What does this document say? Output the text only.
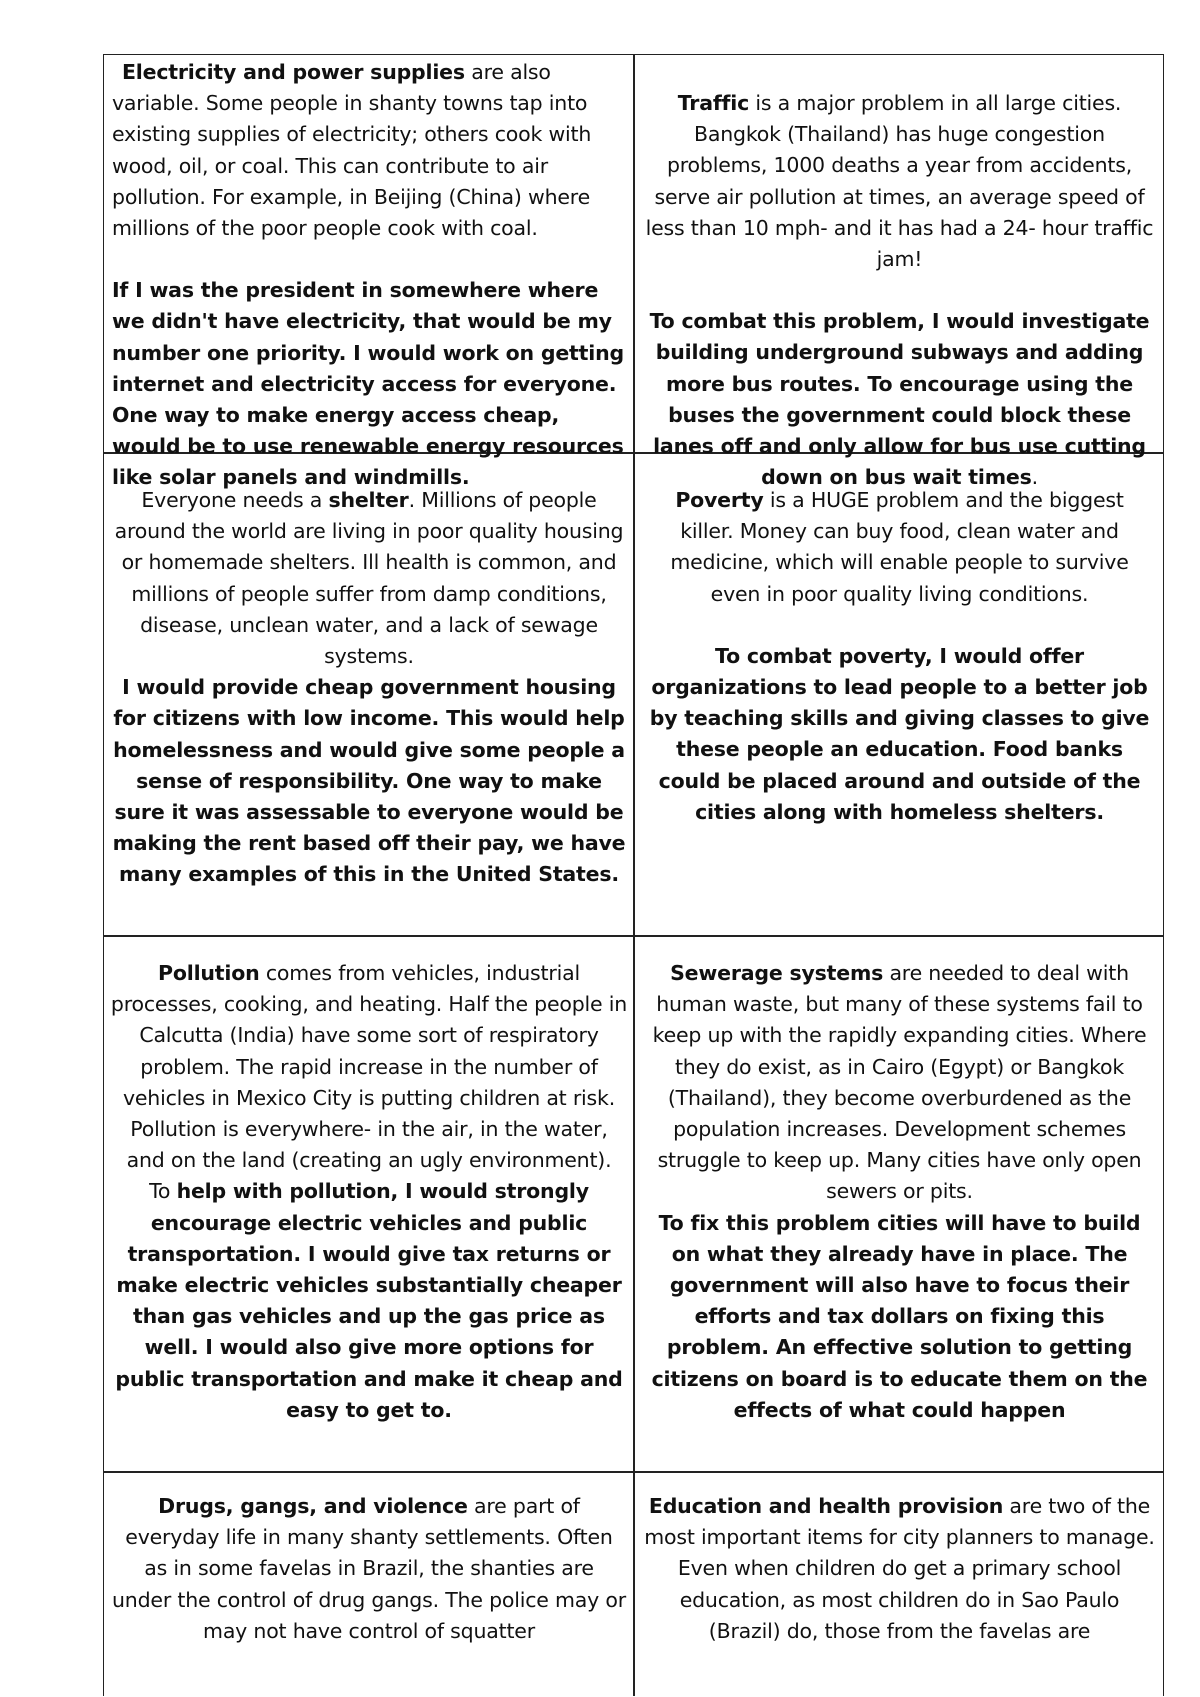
Electricity and power supplies are also variable. Some people in shanty towns tap into existing supplies of electricity; others cook with wood, oil, or coal. This can contribute to air pollution. For example, in Beijing (China) where millions of the poor people cook with coal.

If I was the president in somewhere where we didn't have electricity, that would be my number one priority. I would work on getting internet and electricity access for everyone. One way to make energy access cheap, would be to use renewable energy resources like solar panels and windmills.

Traffic is a major problem in all large cities. Bangkok (Thailand) has huge congestion problems, 1000 deaths a year from accidents, serve air pollution at times, an average speed of less than 10 mph- and it has had a 24- hour traffic jam!

To combat this problem, I would investigate building underground subways and adding more bus routes. To encourage using the buses the government could block these lanes off and only allow for bus use cutting down on bus wait times.

Everyone needs a shelter. Millions of people around the world are living in poor quality housing or homemade shelters. Ill health is common, and millions of people suffer from damp conditions, disease, unclean water, and a lack of sewage systems.

I would provide cheap government housing for citizens with low income. This would help homelessness and would give some people a sense of responsibility. One way to make sure it was assessable to everyone would be making the rent based off their pay, we have many examples of this in the United States.

Poverty is a HUGE problem and the biggest killer. Money can buy food, clean water and medicine, which will enable people to survive even in poor quality living conditions.

To combat poverty, I would offer organizations to lead people to a better job by teaching skills and giving classes to give these people an education. Food banks could be placed around and outside of the cities along with homeless shelters.

Pollution comes from vehicles, industrial processes, cooking, and heating. Half the people in Calcutta (India) have some sort of respiratory problem. The rapid increase in the number of vehicles in Mexico City is putting children at risk. Pollution is everywhere- in the air, in the water, and on the land (creating an ugly environment).

To help with pollution, I would strongly encourage electric vehicles and public transportation. I would give tax returns or make electric vehicles substantially cheaper than gas vehicles and up the gas price as well. I would also give more options for public transportation and make it cheap and easy to get to.

Sewerage systems are needed to deal with human waste, but many of these systems fail to keep up with the rapidly expanding cities. Where they do exist, as in Cairo (Egypt) or Bangkok (Thailand), they become overburdened as the population increases. Development schemes struggle to keep up. Many cities have only open sewers or pits.

To fix this problem cities will have to build on what they already have in place. The government will also have to focus their efforts and tax dollars on fixing this problem. An effective solution to getting citizens on board is to educate them on the effects of what could happen

Drugs, gangs, and violence are part of everyday life in many shanty settlements. Often as in some favelas in Brazil, the shanties are under the control of drug gangs. The police may or may not have control of squatter

Education and health provision are two of the most important items for city planners to manage. Even when children do get a primary school education, as most children do in Sao Paulo (Brazil) do, those from the favelas are
